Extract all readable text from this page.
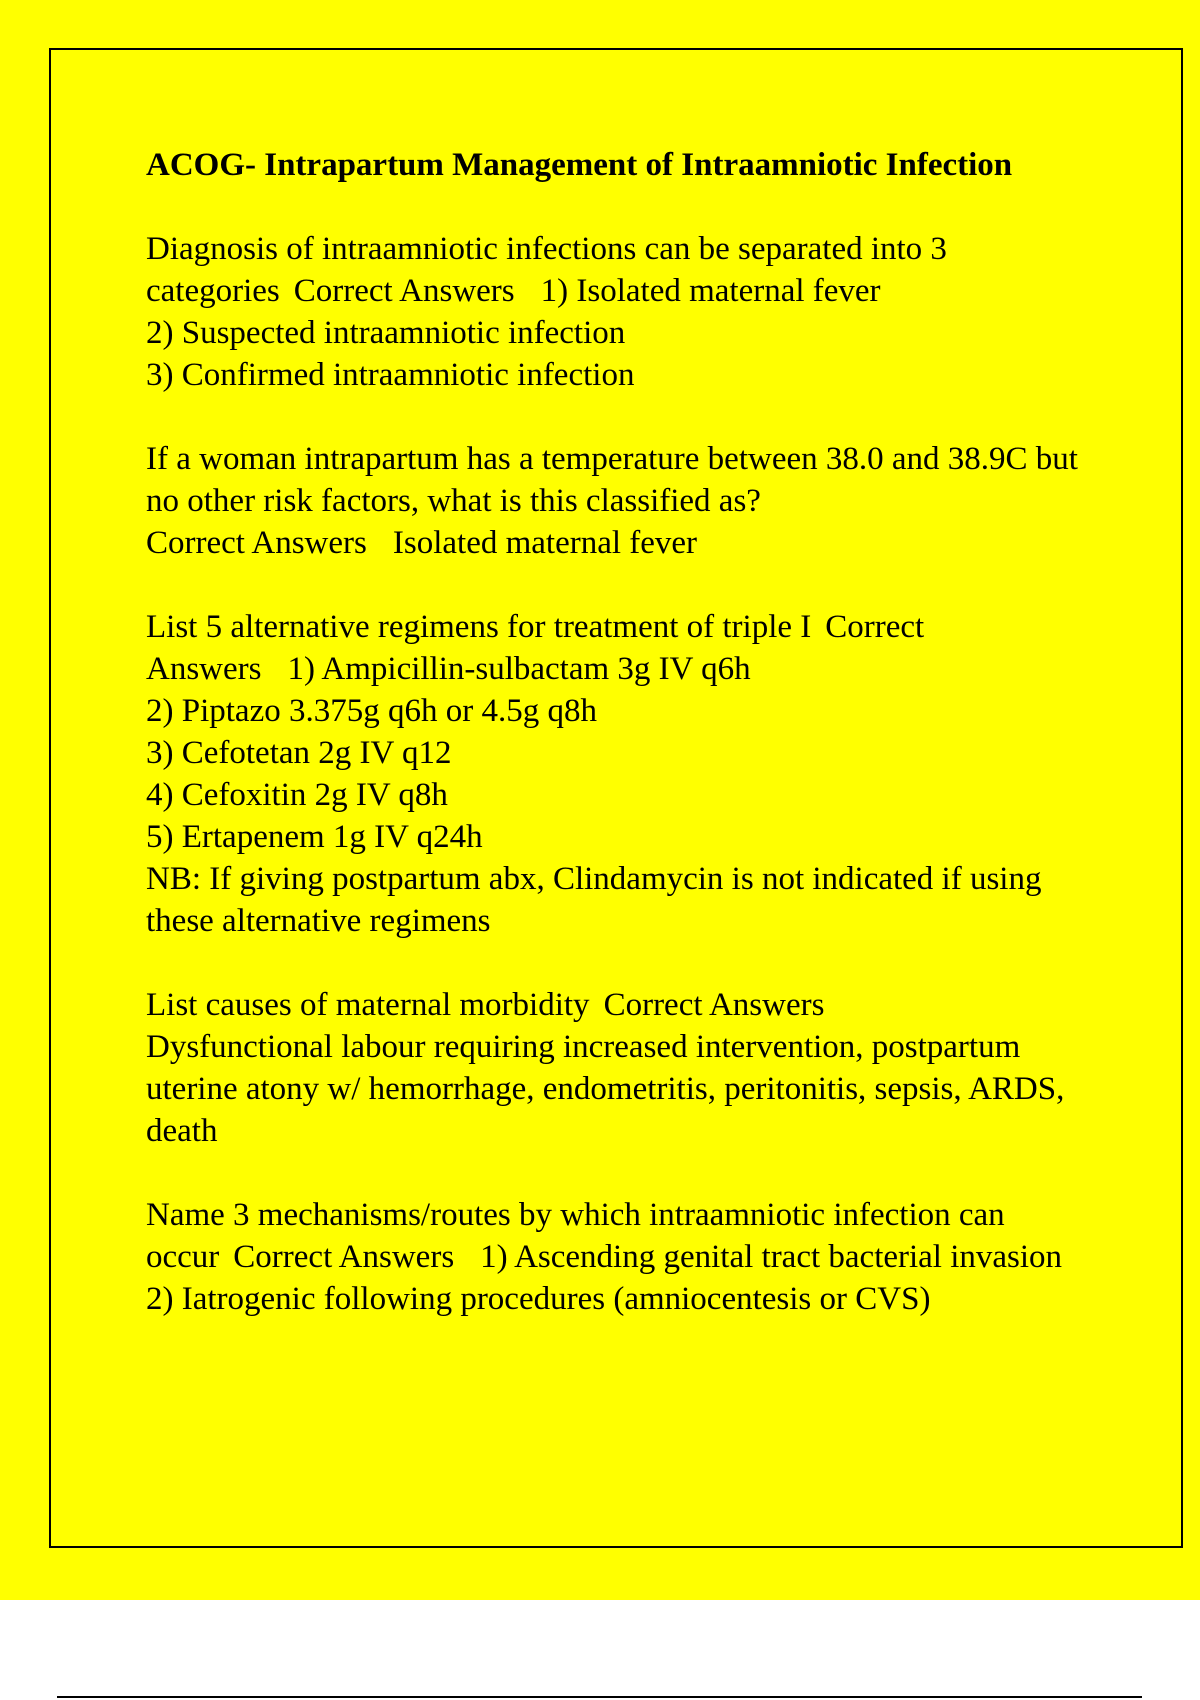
ACOG- Intrapartum Management of Intraamniotic Infection

Diagnosis of intraamniotic infections can be separated into 3 categories Correct Answers 1) Isolated maternal fever

2) Suspected intraamniotic infection

3) Confirmed intraamniotic infection

If a woman intrapartum has a temperature between 38.0 and 38.9C but no other risk factors, what is this classified as?
Correct Answers Isolated maternal fever

List 5 alternative regimens for treatment of triple I Correct Answers 1) Ampicillin-sulbactam 3g IV q6h

2) Piptazo 3.375g q6h or 4.5g q8h

3) Cefotetan 2g IV q12

4) Cefoxitin 2g IV q8h

5) Ertapenem 1g IV q24h

NB: If giving postpartum abx, Clindamycin is not indicated if using these alternative regimens

List causes of maternal morbidity Correct Answers
Dysfunctional labour requiring increased intervention, postpartum uterine atony w/ hemorrhage, endometritis, peritonitis, sepsis, ARDS, death

Name 3 mechanisms/routes by which intraamniotic infection can occur Correct Answers 1) Ascending genital tract bacterial invasion

2) Iatrogenic following procedures (amniocentesis or CVS)
